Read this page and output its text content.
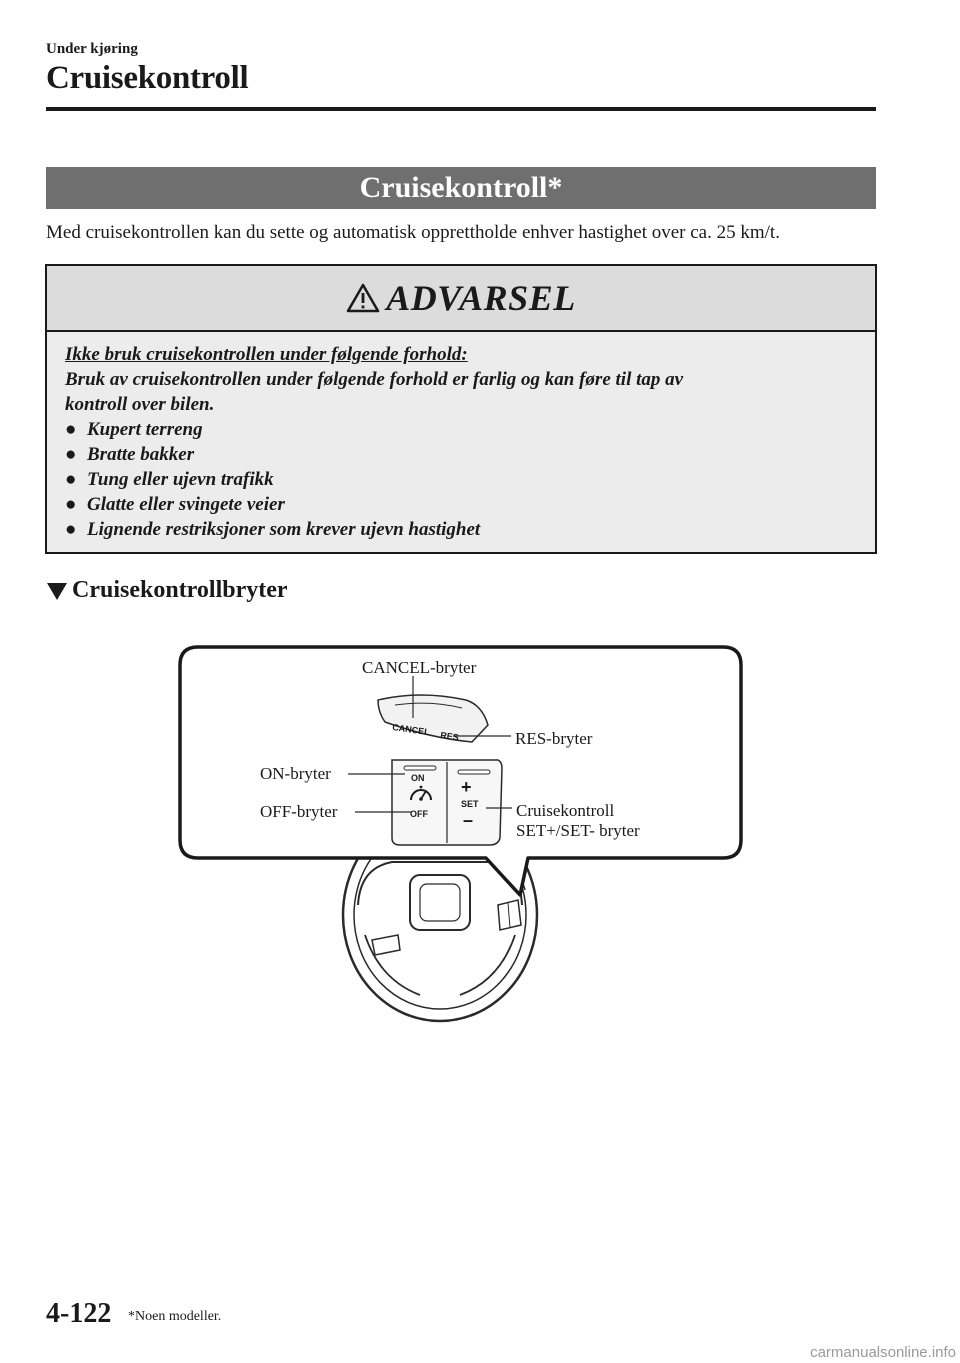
Under kjøring
Cruisekontroll
Cruisekontroll*
Med cruisekontrollen kan du sette og automatisk opprettholde enhver hastighet over ca. 25 km/t.
ADVARSEL
Ikke bruk cruisekontrollen under følgende forhold:
Bruk av cruisekontrollen under følgende forhold er farlig og kan føre til tap av
kontroll over bilen.
● Kupert terreng
● Bratte bakker
● Tung eller ujevn trafikk
● Glatte eller svingete veier
● Lignende restriksjoner som krever ujevn hastighet
Cruisekontrollbryter
CANCEL RES
ON
OFF
+
SET
–
CANCEL-bryter
RES-bryter
ON-bryter
OFF-bryter	Cruisekontroll
SET+/SET- bryter
4-122 *Noen modeller.
carmanualsonline.info
